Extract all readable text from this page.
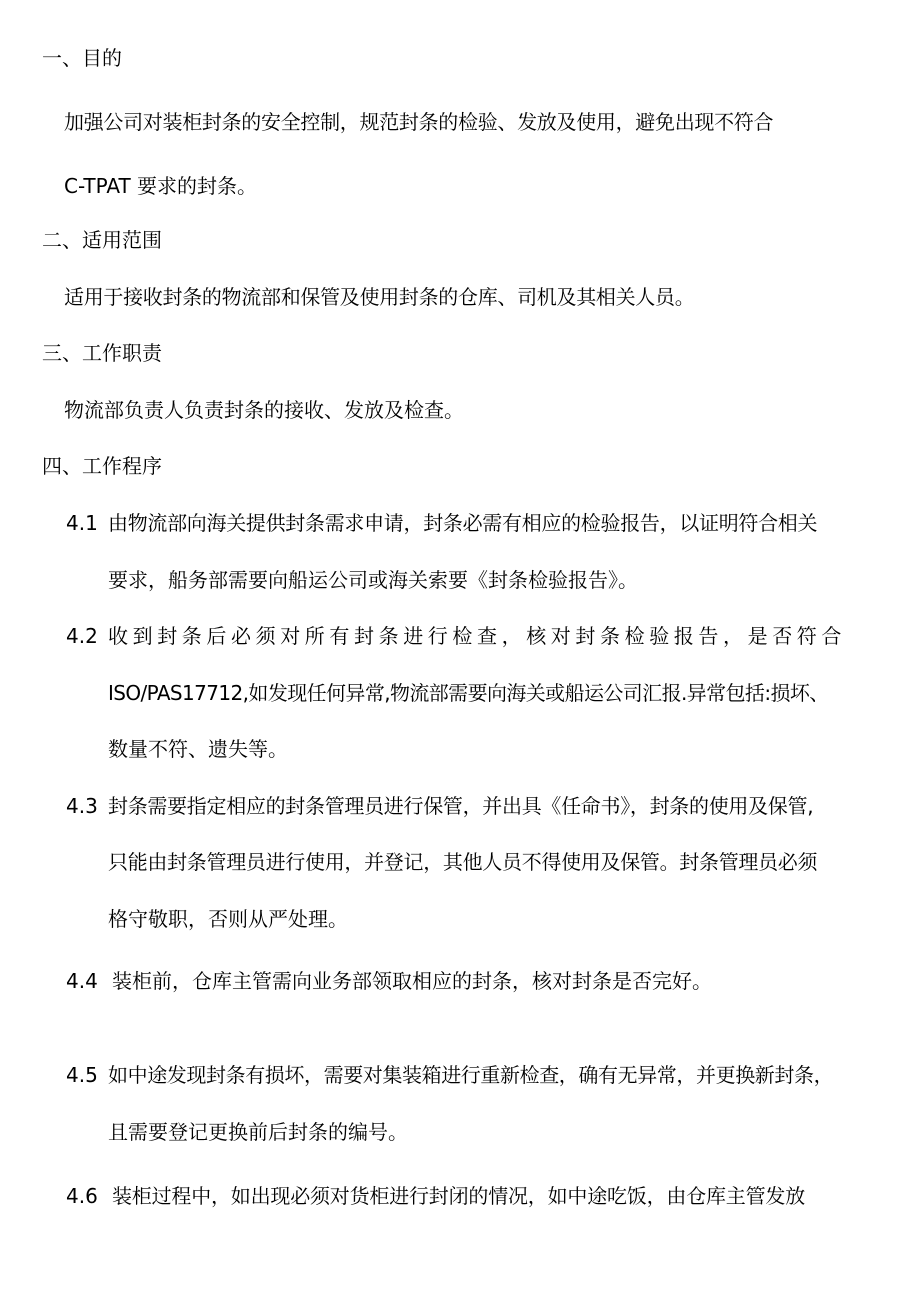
一、目的

加强公司对装柜封条的安全控制，规范封条的检验、发放及使用，避免出现不符合

C-TPAT 要求的封条。

二、适用范围

适用于接收封条的物流部和保管及使用封条的仓库、司机及其相关人员。

三、工作职责

物流部负责人负责封条的接收、发放及检查。

四、工作程序
4.1 由物流部向海关提供封条需求申请，封条必需有相应的检验报告，以证明符合相关

要求，船务部需要向船运公司或海关索要《封条检验报告》。

4.2 收到封条后必须对所有封条进行检查，核对封条检验报告，是否符合

ISO/PAS17712,如发现任何异常,物流部需要向海关或船运公司汇报.异常包括:损坏、

数量不符、遗失等。

4.3 封条需要指定相应的封条管理员进行保管，并出具《任命书》，封条的使用及保管,

只能由封条管理员进行使用，并登记，其他人员不得使用及保管。封条管理员必须

格守敬职，否则从严处理。

4.4 装柜前，仓库主管需向业务部领取相应的封条，核对封条是否完好。

4.5 如中途发现封条有损坏，需要对集装箱进行重新检查，确有无异常，并更换新封条，

且需要登记更换前后封条的编号。

4.6 装柜过程中，如出现必须对货柜进行封闭的情况，如中途吃饭，由仓库主管发放
